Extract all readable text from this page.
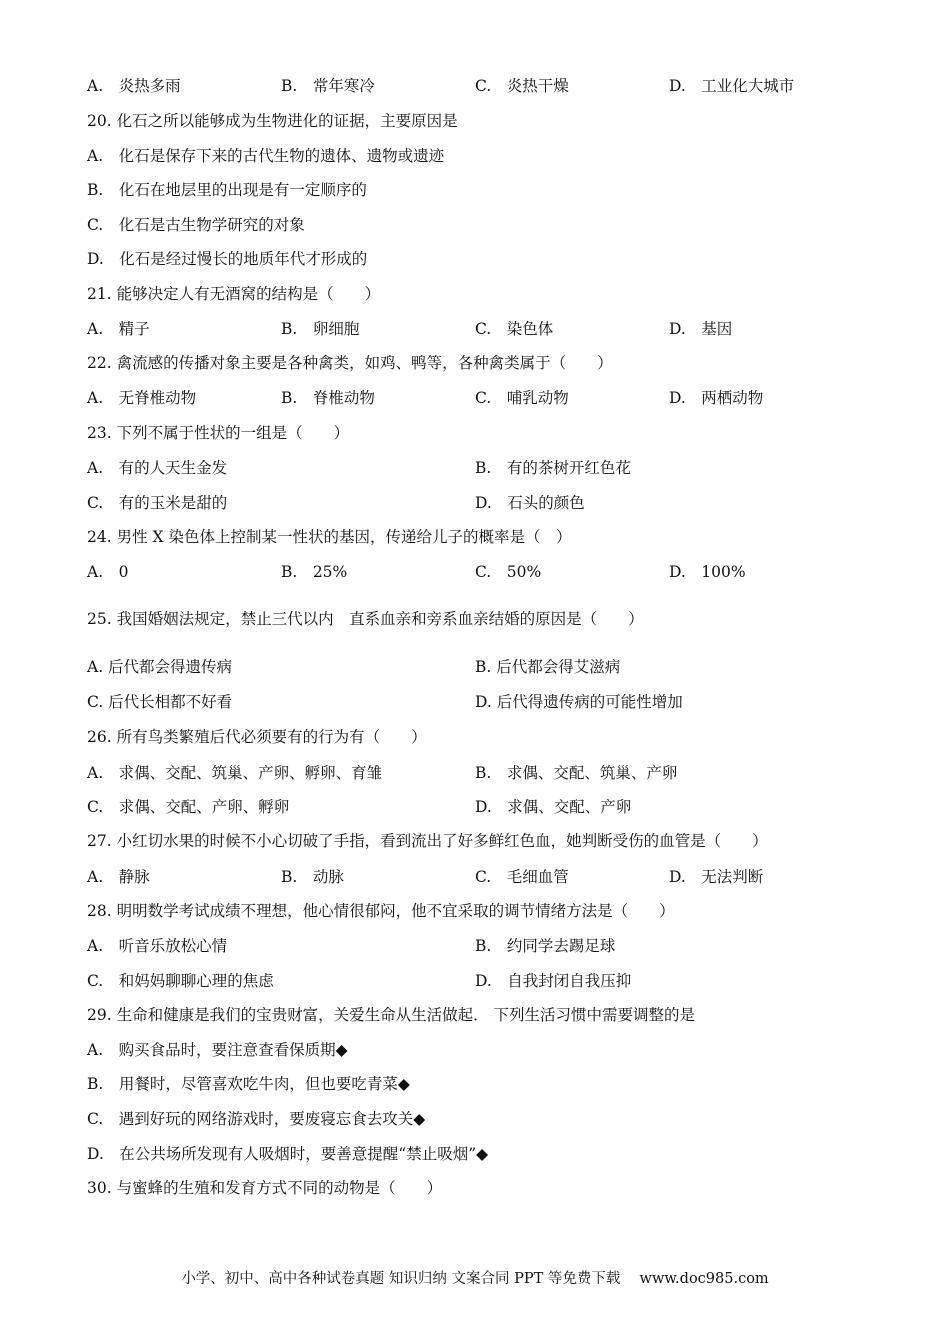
A.　炎热多雨	B.　常年寒冷	C.　炎热干燥	D.　工业化大城市
20. 化石之所以能够成为生物进化的证据，主要原因是
A.　化石是保存下来的古代生物的遗体、遗物或遗迹
B.　化石在地层里的出现是有一定顺序的
C.　化石是古生物学研究的对象
D.　化石是经过慢长的地质年代才形成的
21. 能够决定人有无酒窝的结构是（　　）
A.　精子	B.　卵细胞	C.　染色体	D.　基因
22. 禽流感的传播对象主要是各种禽类，如鸡、鸭等，各种禽类属于（　　）
A.　无脊椎动物	B.　脊椎动物	C.　哺乳动物	D.　两栖动物
23. 下列不属于性状的一组是（　　）
A.　有的人天生金发	B.　有的茶树开红色花
C.　有的玉米是甜的	D.　石头的颜色
24. 男性 X 染色体上控制某一性状的基因，传递给儿子的概率是（　）
A.　0	B.　25%	C.　50%	D.　100%
25. 我国婚姻法规定，禁止三代以内　直系血亲和旁系血亲结婚的原因是（　　）
A. 后代都会得遗传病	B. 后代都会得艾滋病
C. 后代长相都不好看	D. 后代得遗传病的可能性增加
26. 所有鸟类繁殖后代必须要有的行为有（　　）
A.　求偶、交配、筑巢、产卵、孵卵、育雏	B.　求偶、交配、筑巢、产卵
C.　求偶、交配、产卵、孵卵	D.　求偶、交配、产卵
27. 小红切水果的时候不小心切破了手指，看到流出了好多鲜红色血，她判断受伤的血管是（　　）
A.　静脉	B.　动脉	C.　毛细血管	D.　无法判断
28. 明明数学考试成绩不理想，他心情很郁闷，他不宜采取的调节情绪方法是（　　）
A.　听音乐放松心情	B.　约同学去踢足球
C.　和妈妈聊聊心理的焦虑	D.　自我封闭自我压抑
29. 生命和健康是我们的宝贵财富，关爱生命从生活做起． 下列生活习惯中需要调整的是
A.　购买食品时，要注意查看保质期◆
B.　用餐时，尽管喜欢吃牛肉，但也要吃青菜◆
C.　遇到好玩的网络游戏时，要废寝忘食去攻关◆
D.　在公共场所发现有人吸烟时，要善意提醒“禁止吸烟”◆
30. 与蜜蜂的生殖和发育方式不同的动物是（　　）
小学、初中、高中各种试卷真题 知识归纳 文案合同 PPT 等免费下载　 www.doc985.com
